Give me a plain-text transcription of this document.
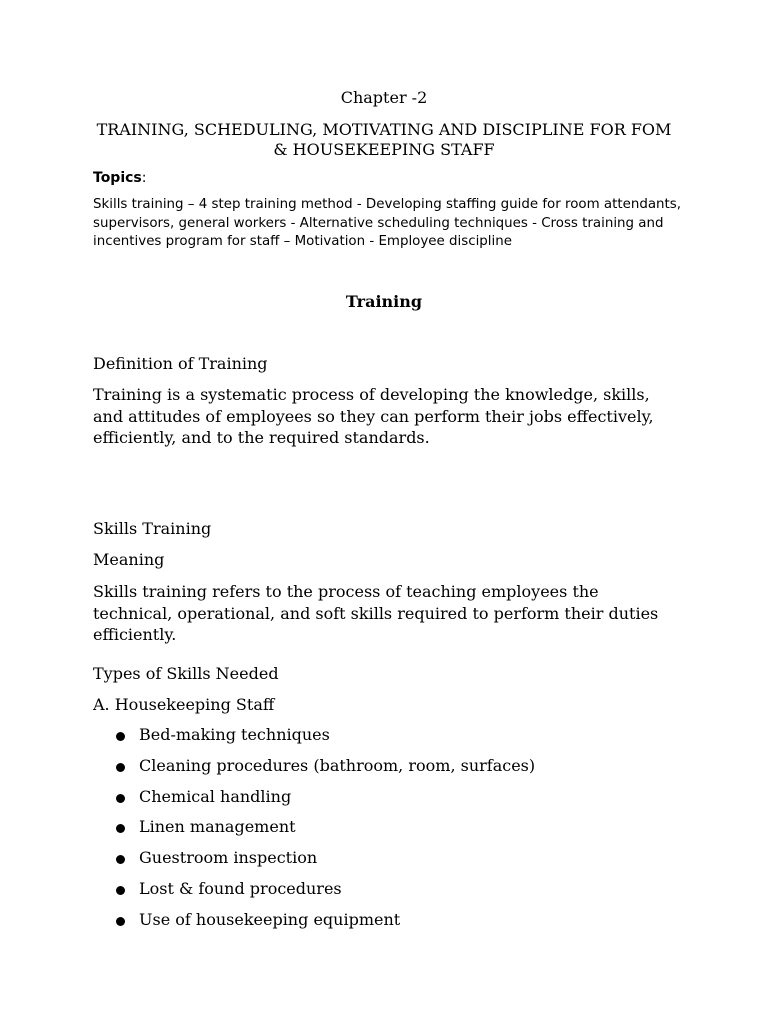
Chapter -2
TRAINING, SCHEDULING, MOTIVATING AND DISCIPLINE FOR FOM & HOUSEKEEPING STAFF
Topics:
Skills training – 4 step training method - Developing staffing guide for room attendants, supervisors, general workers - Alternative scheduling techniques - Cross training and incentives program for staff – Motivation - Employee discipline
Training
Definition of Training
Training is a systematic process of developing the knowledge, skills, and attitudes of employees so they can perform their jobs effectively, efficiently, and to the required standards.
Skills Training
Meaning
Skills training refers to the process of teaching employees the technical, operational, and soft skills required to perform their duties efficiently.
Types of Skills Needed
A. Housekeeping Staff
Bed-making techniques
Cleaning procedures (bathroom, room, surfaces)
Chemical handling
Linen management
Guestroom inspection
Lost & found procedures
Use of housekeeping equipment
